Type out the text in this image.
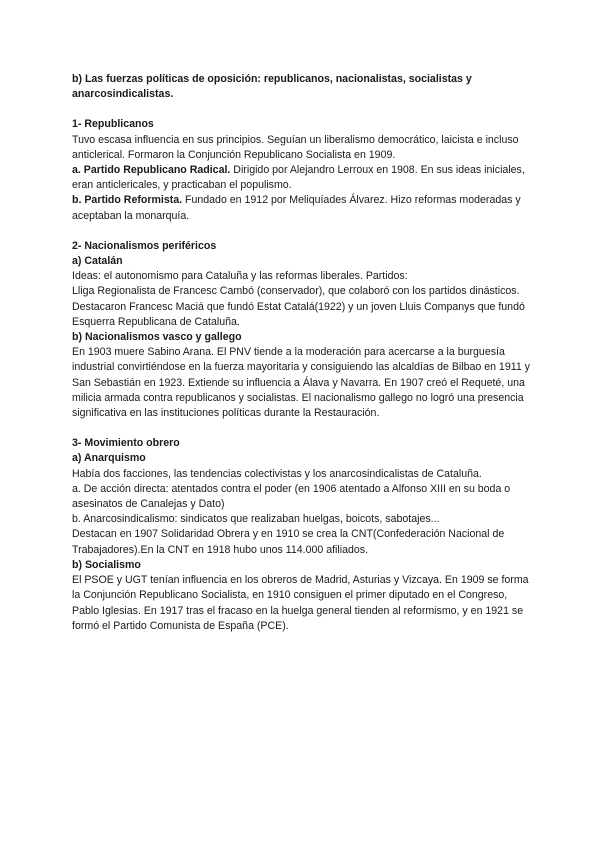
b) Las fuerzas políticas de oposición: republicanos, nacionalistas, socialistas y anarcosindicalistas.

1- Republicanos

Tuvo escasa influencia en sus principios. Seguían un liberalismo democrático, laicista e incluso anticlerical. Formaron la Conjunción Republicano Socialista en 1909.

a. Partido Republicano Radical. Dirigido por Alejandro Lerroux en 1908. En sus ideas iniciales, eran anticlericales, y practicaban el populismo.

b. Partido Reformista. Fundado en 1912 por Meliquíades Álvarez. Hizo reformas moderadas y aceptaban la monarquía.

2- Nacionalismos periféricos

a) Catalán

Ideas: el autonomismo para Cataluña y las reformas liberales. Partidos:

Lliga Regionalista de Francesc Cambó (conservador), que colaboró con los partidos dinásticos. Destacaron Francesc Maciá que fundó Estat Catalá(1922) y un joven Lluis Companys que fundó Esquerra Republicana de Cataluña.

b) Nacionalismos vasco y gallego

En 1903 muere Sabino Arana. El PNV tiende a la moderación para acercarse a la burguesía industrial convirtiéndose en la fuerza mayoritaria y consiguiendo las alcaldías de Bilbao en 1911 y San Sebastián en 1923. Extiende su influencia a Álava y Navarra. En 1907 creó el Requeté, una milicia armada contra republicanos y socialistas. El nacionalismo gallego no logró una presencia significativa en las instituciones políticas durante la Restauración.

3- Movimiento obrero

a) Anarquismo

Había dos facciones, las tendencias colectivistas y los anarcosindicalistas de Cataluña.

a. De acción directa: atentados contra el poder (en 1906 atentado a Alfonso XIII en su boda o asesinatos de Canalejas y Dato)

b. Anarcosindicalismo: sindicatos que realizaban huelgas, boicots, sabotajes...

Destacan en 1907 Solidaridad Obrera y en 1910 se crea la CNT(Confederación Nacional de Trabajadores).En la CNT en 1918 hubo unos 114.000 afiliados.

b) Socialismo

El PSOE y UGT tenían influencia en los obreros de Madrid, Asturias y Vizcaya. En 1909 se forma la Conjunción Republicano Socialista, en 1910 consiguen el primer diputado en el Congreso, Pablo Iglesias. En 1917 tras el fracaso en la huelga general tienden al reformismo, y en 1921 se formó el Partido Comunista de España (PCE).
